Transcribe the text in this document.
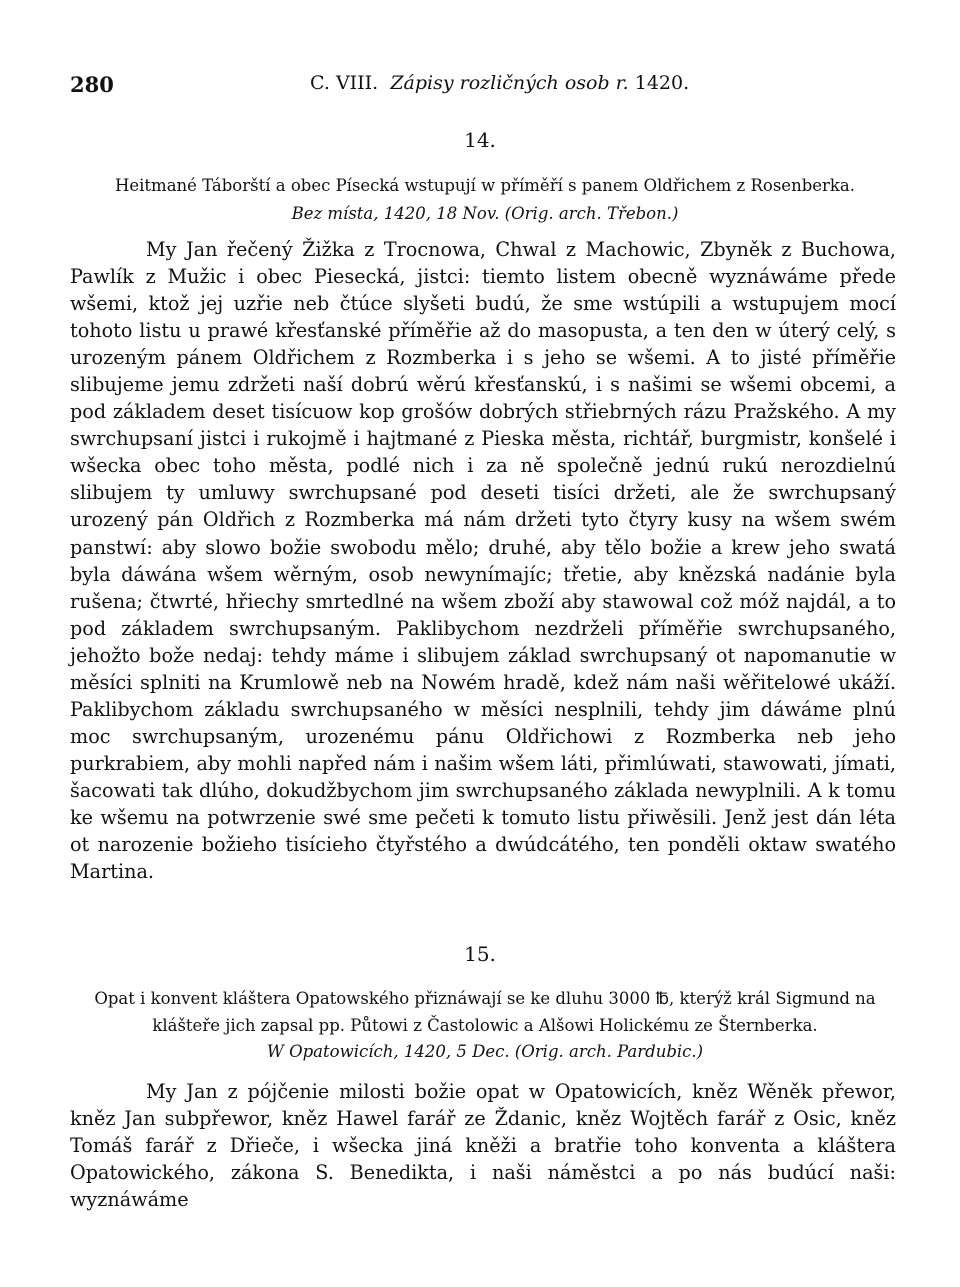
280	C. VIII. Zápisy rozličných osob r. 1420.
14.
Heitmané Táborští a obec Písecká wstupují w příměří s panem Oldřichem z Rosenberka.
Bez místa, 1420, 18 Nov. (Orig. arch. Třebon.)
My Jan řečený Žižka z Trocnowa, Chwal z Machowic, Zbyněk z Buchowa, Pawlík z Mužic i obec Piesecká, jistci: tiemto listem obecně wyznáwáme přede wšemi, ktož jej uzřie neb čtúce slyšeti budú, že sme wstúpili a wstupujem mocí tohoto listu u prawé křesťanské příměřie až do masopusta, a ten den w úterý celý, s urozeným pánem Oldřichem z Rozmberka i s jeho se wšemi. A to jisté příměřie slibujeme jemu zdržeti naší dobrú wěrú křesťanskú, i s našimi se wšemi obcemi, a pod základem deset tisícuow kop grošów dobrých střiebrných rázu Pražského. A my swrchupsaní jistci i rukojmě i hajtmané z Pieska města, richtář, burgmistr, konšelé i wšecka obec toho města, podlé nich i za ně společně jednú rukú nerozdielnú slibujem ty umluwy swrchupsané pod deseti tisíci držeti, ale že swrchupsaný urozený pán Oldřich z Rozmberka má nám držeti tyto čtyry kusy na wšem swém panstwí: aby slowo božie swobodu mělo; druhé, aby tělo božie a krew jeho swatá byla dáwána wšem wěrným, osob newynímajíc; třetie, aby knězská nadánie byla rušena; čtwrté, hřiechy smrtedlné na wšem zboží aby stawowal což móž najdál, a to pod základem swrchupsaným. Paklibychom nezdrželi příměřie swrchupsaného, jehožto bože nedaj: tehdy máme i slibujem základ swrchupsaný ot napomanutie w měsíci splniti na Krumlowě neb na Nowém hradě, kdež nám naši wěřitelowé ukáží. Paklibychom základu swrchupsaného w měsíci nesplnili, tehdy jim dáwáme plnú moc swrchupsaným, urozenému pánu Oldřichowi z Rozmberka neb jeho purkrabiem, aby mohli napřed nám i našim wšem láti, přimlúwati, stawowati, jímati, šacowati tak dlúho, dokudžbychom jim swrchupsaného základa newyplnili. A k tomu ke wšemu na potwrzenie swé sme pečeti k tomuto listu přiwěsili. Jenž jest dán léta ot narozenie božieho tisícieho čtyřstého a dwúdcátého, ten ponděli oktaw swatého Martina.
15.
Opat i konvent kláštera Opatowského přiznáwají se ke dluhu 3000 ℔, kterýž král Sigmund na klášteře jich zapsal pp. Půtowi z Častolowic a Alšowi Holickému ze Šternberka.
W Opatowicích, 1420, 5 Dec. (Orig. arch. Pardubic.)
My Jan z pójčenie milosti božie opat w Opatowicích, kněz Wěněk přewor, kněz Jan subpřewor, kněz Hawel farář ze Ždanic, kněz Wojtěch farář z Osic, kněz Tomáš farář z Dřieče, i wšecka jiná kněži a bratřie toho konventa a kláštera Opatowického, zákona S. Benedikta, i naši náměstci a po nás budúcí naši: wyznáwáme
